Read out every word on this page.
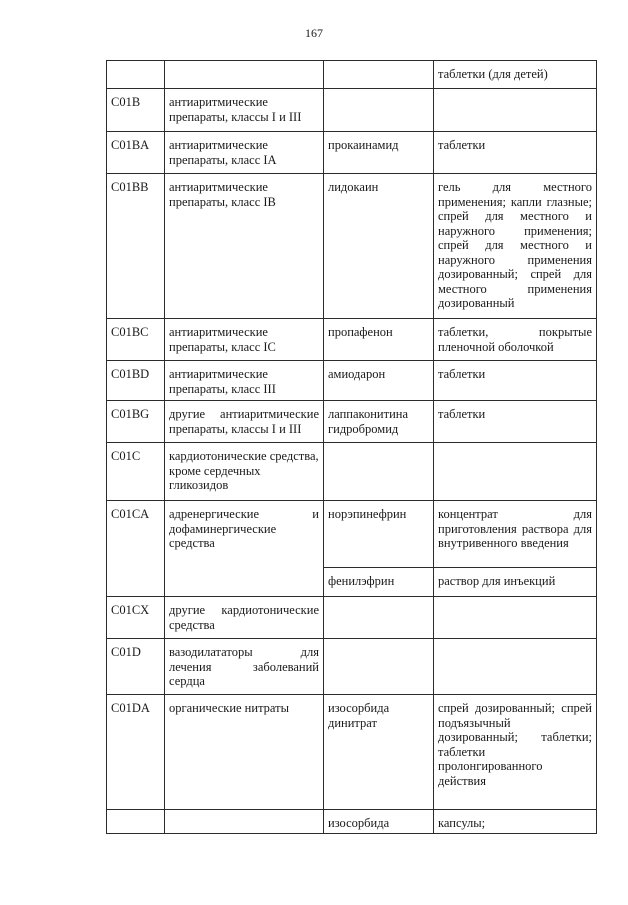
167
			таблетки (для детей)
C01B	антиаритмические препараты, классы I и III		
C01BA	антиаритмические препараты, класс IA	прокаинамид	таблетки
C01BB	антиаритмические препараты, класс IB	лидокаин	гель для местного применения; капли глазные; спрей для местного и наружного применения; спрей для местного и наружного применения дозированный; спрей для местного применения дозированный
C01BC	антиаритмические препараты, класс IC	пропафенон	таблетки, покрытые пленочной оболочкой
C01BD	антиаритмические препараты, класс III	амиодарон	таблетки
C01BG	другие антиаритмические препараты, классы I и III	лаппаконитина гидробромид	таблетки
C01C	кардиотонические средства, кроме сердечных гликозидов		
C01CA	адренергические и дофаминергические средства	норэпинефрин	концентрат для приготовления раствора для внутривенного введения
		фенилэфрин	раствор для инъекций
C01CX	другие кардиотонические средства		
C01D	вазодилататоры для лечения заболеваний сердца		
C01DA	органические нитраты	изосорбида динитрат	спрей дозированный; спрей подъязычный дозированный; таблетки; таблетки пролонгированного действия
		изосорбида	капсулы;
